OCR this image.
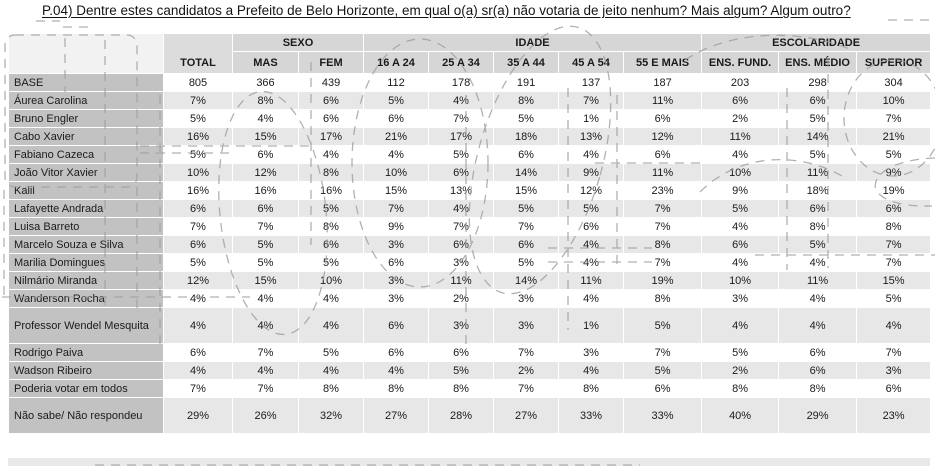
P.04) Dentre estes candidatos a Prefeito de Belo Horizonte, em qual o(a) sr(a) não votaria de jeito nenhum? Mais algum? Algum outro?
	TOTAL	SEXO		IDADE					ESCOLARIDADE		
		MAS	FEM	16 A 24	25 A 34	35 A 44	45 A 54	55 E MAIS	ENS. FUND.	ENS. MÉDIO	SUPERIOR
BASE	805	366	439	112	178	191	137	187	203	298	304
Áurea Carolina	7%	8%	6%	5%	4%	8%	7%	11%	6%	6%	10%
Bruno Engler	5%	4%	6%	6%	7%	5%	1%	6%	2%	5%	7%
Cabo Xavier	16%	15%	17%	21%	17%	18%	13%	12%	11%	14%	21%
Fabiano Cazeca	5%	6%	4%	4%	5%	6%	4%	6%	4%	5%	5%
João Vitor Xavier	10%	12%	8%	10%	6%	14%	9%	11%	10%	11%	9%
Kalil	16%	16%	16%	15%	13%	15%	12%	23%	9%	18%	19%
Lafayette Andrada	6%	6%	5%	7%	4%	5%	5%	7%	5%	6%	6%
Luisa Barreto	7%	7%	8%	9%	7%	7%	6%	7%	4%	8%	8%
Marcelo Souza e Silva	6%	5%	6%	3%	6%	6%	4%	8%	6%	5%	7%
Marilia Domingues	5%	5%	5%	6%	3%	5%	4%	7%	4%	4%	7%
Nilmário Miranda	12%	15%	10%	3%	11%	14%	11%	19%	10%	11%	15%
Wanderson Rocha	4%	4%	4%	3%	2%	3%	4%	8%	3%	4%	5%
Professor Wendel Mesquita	4%	4%	4%	6%	3%	3%	1%	5%	4%	4%	4%
Rodrigo Paiva	6%	7%	5%	6%	6%	7%	3%	7%	5%	6%	7%
Wadson Ribeiro	4%	4%	4%	4%	5%	2%	4%	5%	2%	6%	3%
Poderia votar em todos	7%	7%	8%	8%	8%	7%	8%	6%	8%	8%	6%
Não sabe/ Não respondeu	29%	26%	32%	27%	28%	27%	33%	33%	40%	29%	23%
